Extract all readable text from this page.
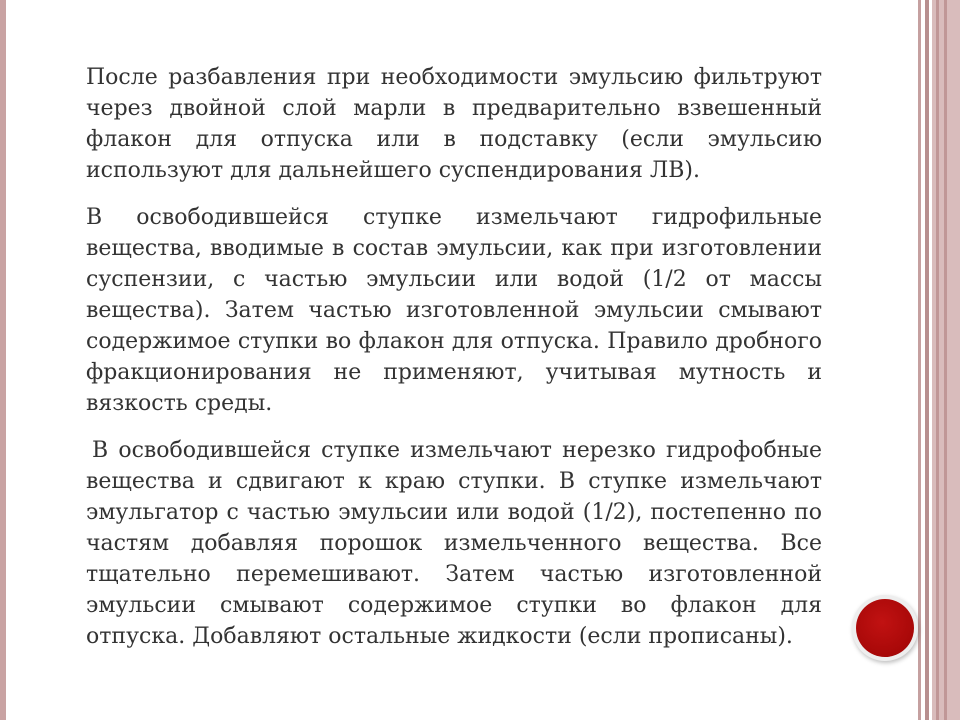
После разбавления при необходимости эмульсию фильтруют через двойной слой марли в предварительно взвешенный флакон для отпуска или в подставку (если эмульсию используют для дальнейшего суспендирования ЛВ).

В освободившейся ступке измельчают гидрофильные вещества, вводимые в состав эмульсии, как при изготовлении суспензии, с частью эмульсии или водой (1/2 от массы вещества). Затем частью изготовленной эмульсии смывают содержимое ступки во флакон для отпуска. Правило дробного фракционирования не применяют, учитывая мутность и вязкость среды.

В освободившейся ступке измельчают нерезко гидрофобные вещества и сдвигают к краю ступки. В ступке измельчают эмульгатор с частью эмульсии или водой (1/2), постепенно по частям добавляя порошок измельченного вещества. Все тщательно перемешивают. Затем частью изготовленной эмульсии смывают содержимое ступки во флакон для отпуска. Добавляют остальные жидкости (если прописаны).
